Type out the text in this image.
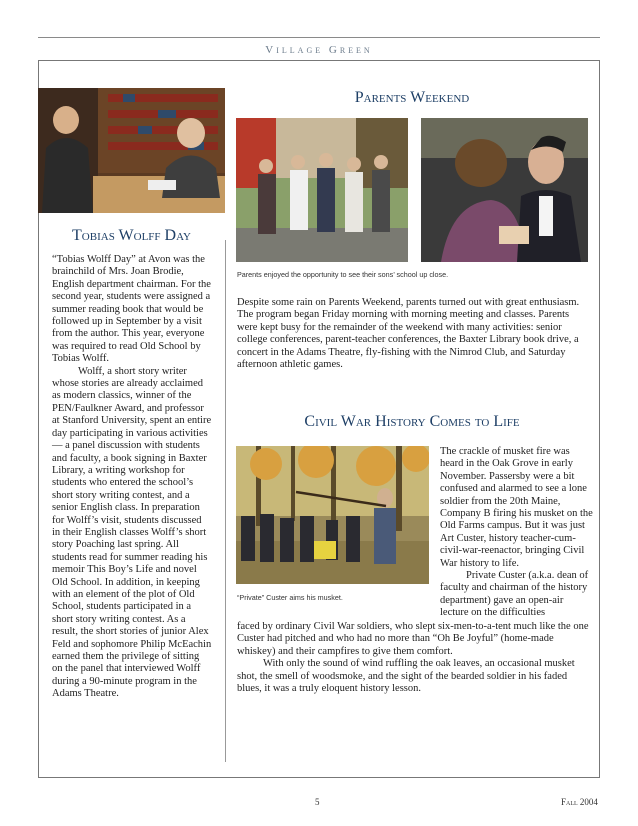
Village Green
Tobias Wolff Day

“Tobias Wolff Day” at Avon was the brainchild of Mrs. Joan Brodie, English department chairman. For the second year, students were assigned a summer reading book that would be followed up in September by a visit from the author. This year, everyone was required to read Old School by Tobias Wolff.

Wolff, a short story writer whose stories are already acclaimed as modern classics, winner of the PEN/Faulkner Award, and professor at Stanford University, spent an entire day participating in various activities — a panel discussion with students and faculty, a book signing in Baxter Library, a writing workshop for students who entered the school’s short story writing contest, and a senior English class. In preparation for Wolff’s visit, students discussed in their English classes Wolff’s short story Poaching last spring. All students read for summer reading his memoir This Boy’s Life and novel Old School. In addition, in keeping with an element of the plot of Old School, students participated in a short story writing contest. As a result, the short stories of junior Alex Feld and sophomore Philip McEachin earned them the privilege of sitting on the panel that interviewed Wolff during a 90-minute program in the Adams Theatre.

Parents Weekend
Parents enjoyed the opportunity to see their sons’ school up close.
Despite some rain on Parents Weekend, parents turned out with great enthusiasm. The program began Friday morning with morning meeting and classes. Parents were kept busy for the remainder of the weekend with many activities: senior college conferences, parent-teacher conferences, the Baxter Library book drive, a concert in the Adams Theatre, fly-fishing with the Nimrod Club, and Saturday afternoon athletic games.
Civil War History Comes to Life
“Private” Custer aims his musket.

The crackle of musket fire was heard in the Oak Grove in early November. Passersby were a bit confused and alarmed to see a lone soldier from the 20th Maine, Company B firing his musket on the Old Farms campus. But it was just Art Custer, history teacher-cum-civil-war-reenactor, bringing Civil War history to life.

Private Custer (a.k.a. dean of faculty and chairman of the history department) gave an open-air lecture on the difficulties

faced by ordinary Civil War soldiers, who slept six-men-to-a-tent much like the one Custer had pitched and who had no more than “Oh Be Joyful” (home-made whiskey) and their campfires to give them comfort.

With only the sound of wind ruffling the oak leaves, an occasional musket shot, the smell of woodsmoke, and the sight of the bearded soldier in his faded blues, it was a truly eloquent history lesson.

5	Fall 2004
